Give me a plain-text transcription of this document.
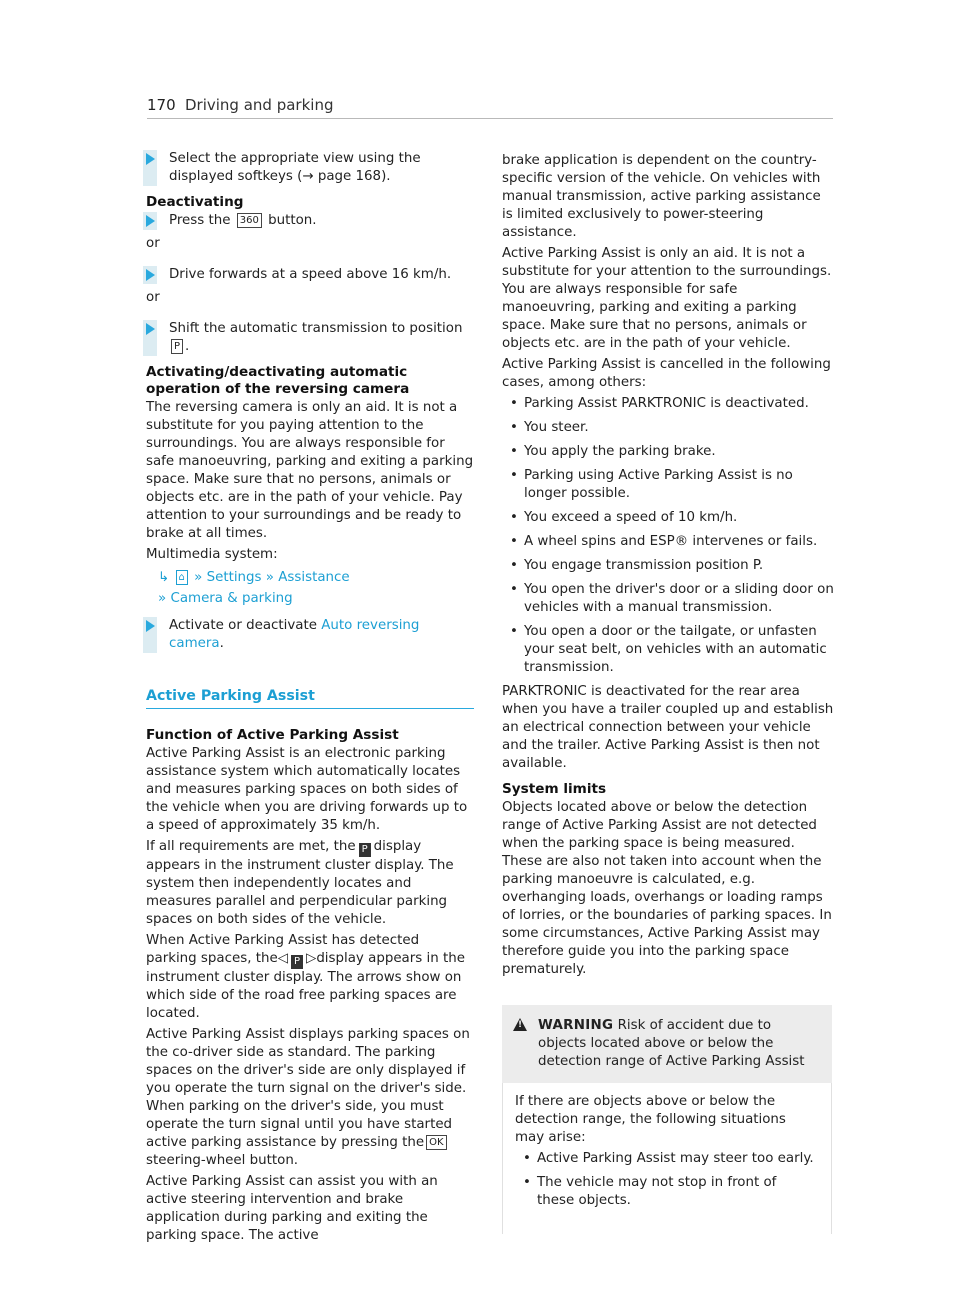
170 Driving and parking
Select the appropriate view using the displayed softkeys (→ page 168).
Deactivating
Press the 360 button.

or

Drive forwards at a speed above 16 km/h.

or

Shift the automatic transmission to position
P .
Activating/deactivating automatic operation of the reversing camera

The reversing camera is only an aid. It is not a substitute for you paying attention to the surroundings. You are always responsible for safe manoeuvring, parking and exiting a parking space. Make sure that no persons, animals or objects etc. are in the path of your vehicle. Pay attention to your surroundings and be ready to brake at all times.

Multimedia system:

↳ ⌂ » Settings » Assistance
» Camera & parking
Activate or deactivate Auto reversing camera.
Active Parking Assist
Function of Active Parking Assist

Active Parking Assist is an electronic parking assistance system which automatically locates and measures parking spaces on both sides of the vehicle when you are driving forwards up to a speed of approximately 35 km/h.

If all requirements are met, the P display appears in the instrument cluster display. The system then independently locates and measures parallel and perpendicular parking spaces on both sides of the vehicle.

When Active Parking Assist has detected parking spaces, the◁ P ▷display appears in the instrument cluster display. The arrows show on which side of the road free parking spaces are located.

Active Parking Assist displays parking spaces on the co-driver side as standard. The parking spaces on the driver's side are only displayed if you operate the turn signal on the driver's side. When parking on the driver's side, you must operate the turn signal until you have started active parking assistance by pressing the OKsteering-wheel button.

Active Parking Assist can assist you with an active steering intervention and brake application during parking and exiting the parking space. The active

brake application is dependent on the country-specific version of the vehicle. On vehicles with manual transmission, active parking assistance is limited exclusively to power-steering assistance.

Active Parking Assist is only an aid. It is not a substitute for your attention to the surroundings. You are always responsible for safe manoeuvring, parking and exiting a parking space. Make sure that no persons, animals or objects etc. are in the path of your vehicle.

Active Parking Assist is cancelled in the following cases, among others:

• Parking Assist PARKTRONIC is deactivated.
• You steer.
• You apply the parking brake.
• Parking using Active Parking Assist is no longer possible.
• You exceed a speed of 10 km/h.
• A wheel spins and ESP® intervenes or fails.
• You engage transmission position P.
• You open the driver's door or a sliding door on vehicles with a manual transmission.
• You open a door or the tailgate, or unfasten your seat belt, on vehicles with an automatic transmission.

PARKTRONIC is deactivated for the rear area when you have a trailer coupled up and establish an electrical connection between your vehicle and the trailer. Active Parking Assist is then not available.

System limits

Objects located above or below the detection range of Active Parking Assist are not detected when the parking space is being measured. These are also not taken into account when the parking manoeuvre is calculated, e.g. overhanging loads, overhangs or loading ramps of lorries, or the boundaries of parking spaces. In some circumstances, Active Parking Assist may therefore guide you into the parking space prematurely.

! WARNING Risk of accident due to objects located above or below the detection range of Active Parking Assist

If there are objects above or below the detection range, the following situations may arise:

• Active Parking Assist may steer too early.
• The vehicle may not stop in front of these objects.
